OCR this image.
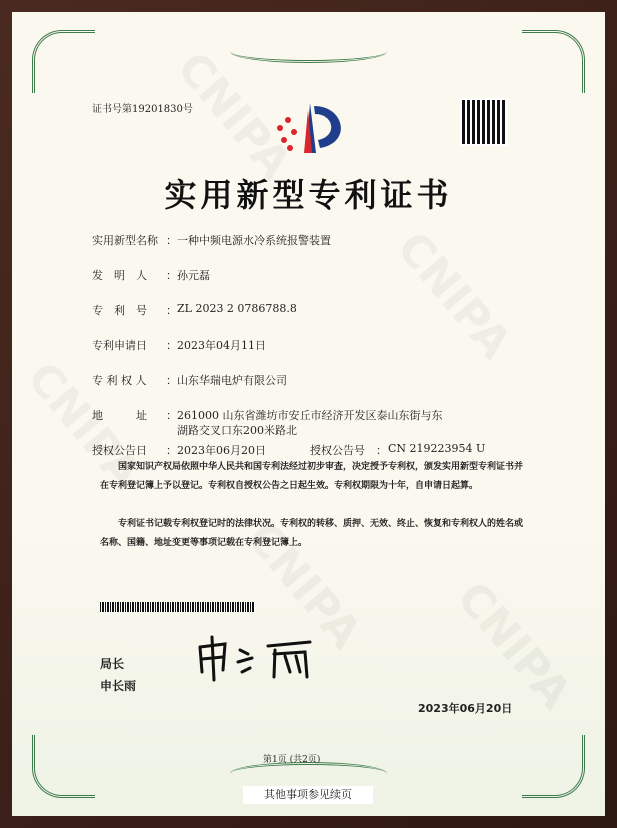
证书号第19201830号
实用新型专利证书
实用新型名称 ： 一种中频电源水冷系统报警装置
发　明　人 ： 孙元磊
专　利　号 ： ZL 2023 2 0786788.8
专利申请日 ： 2023年04月11日
专 利 权 人 ： 山东华瑞电炉有限公司
地　　　址 ： 261000 山东省潍坊市安丘市经济开发区泰山东街与东
湖路交叉口东200米路北
授权公告日 ： 2023年06月20日	授权公告号 ： CN 219223954 U
国家知识产权局依照中华人民共和国专利法经过初步审查，决定授予专利权，颁发实用新型专利证书并在专利登记簿上予以登记。专利权自授权公告之日起生效。专利权期限为十年，自申请日起算。
专利证书记载专利权登记时的法律状况。专利权的转移、质押、无效、终止、恢复和专利权人的姓名或名称、国籍、地址变更等事项记载在专利登记簿上。
局长
申长雨
2023年06月20日
第1页 (共2页)
其他事项参见续页
